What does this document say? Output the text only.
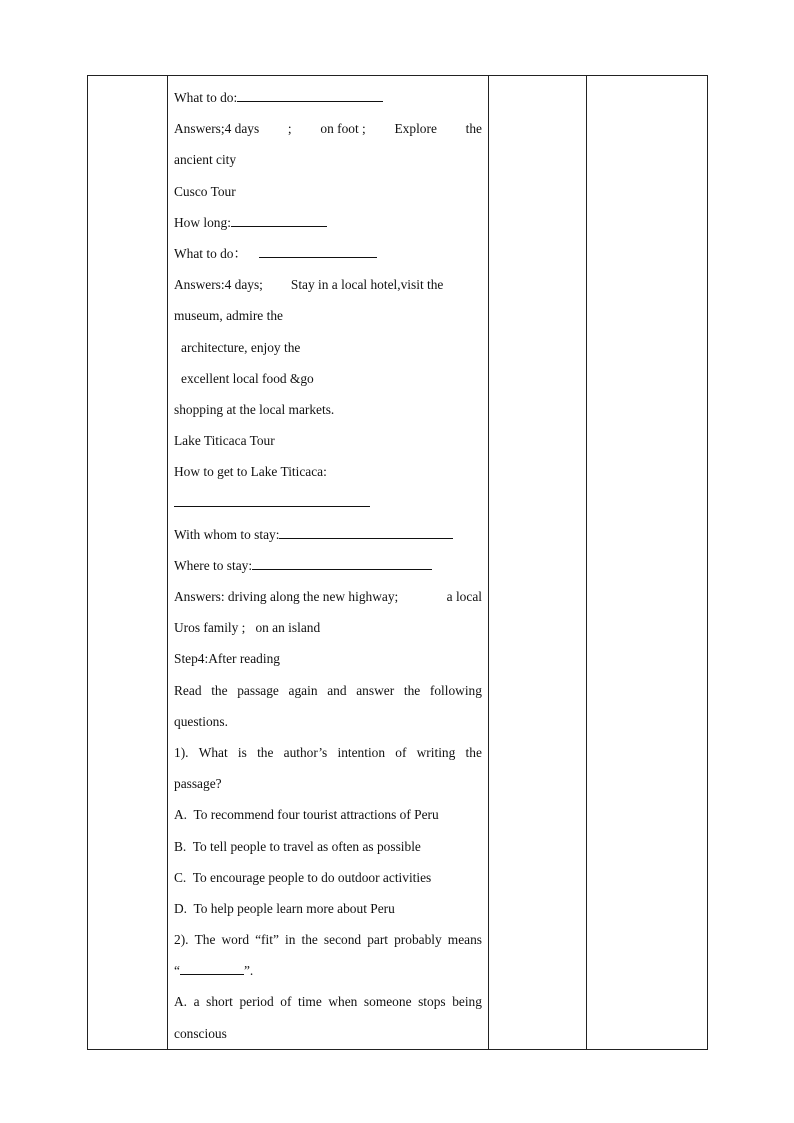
What to do:
Answers;4 days ; on foot ; Explore the
ancient city
Cusco Tour
How long:
What to do：
Answers:4 days; Stay in a local hotel,visit the
museum, admire the
architecture, enjoy the
excellent local food &go
shopping at the local markets.
Lake Titicaca Tour
How to get to Lake Titicaca:
With whom to stay:
Where to stay:
Answers: driving along the new highway;	a local
Uros family ;   on an island
Step4:After reading
Read the passage again and answer the following
questions.
1). What is the author’s intention of writing the
passage?
A.  To recommend four tourist attractions of Peru
B.  To tell people to travel as often as possible
C.  To encourage people to do outdoor activities
D.  To help people learn more about Peru
2). The word “fit” in the second part probably means
“	”.
A. a short period of time when someone stops being
conscious
